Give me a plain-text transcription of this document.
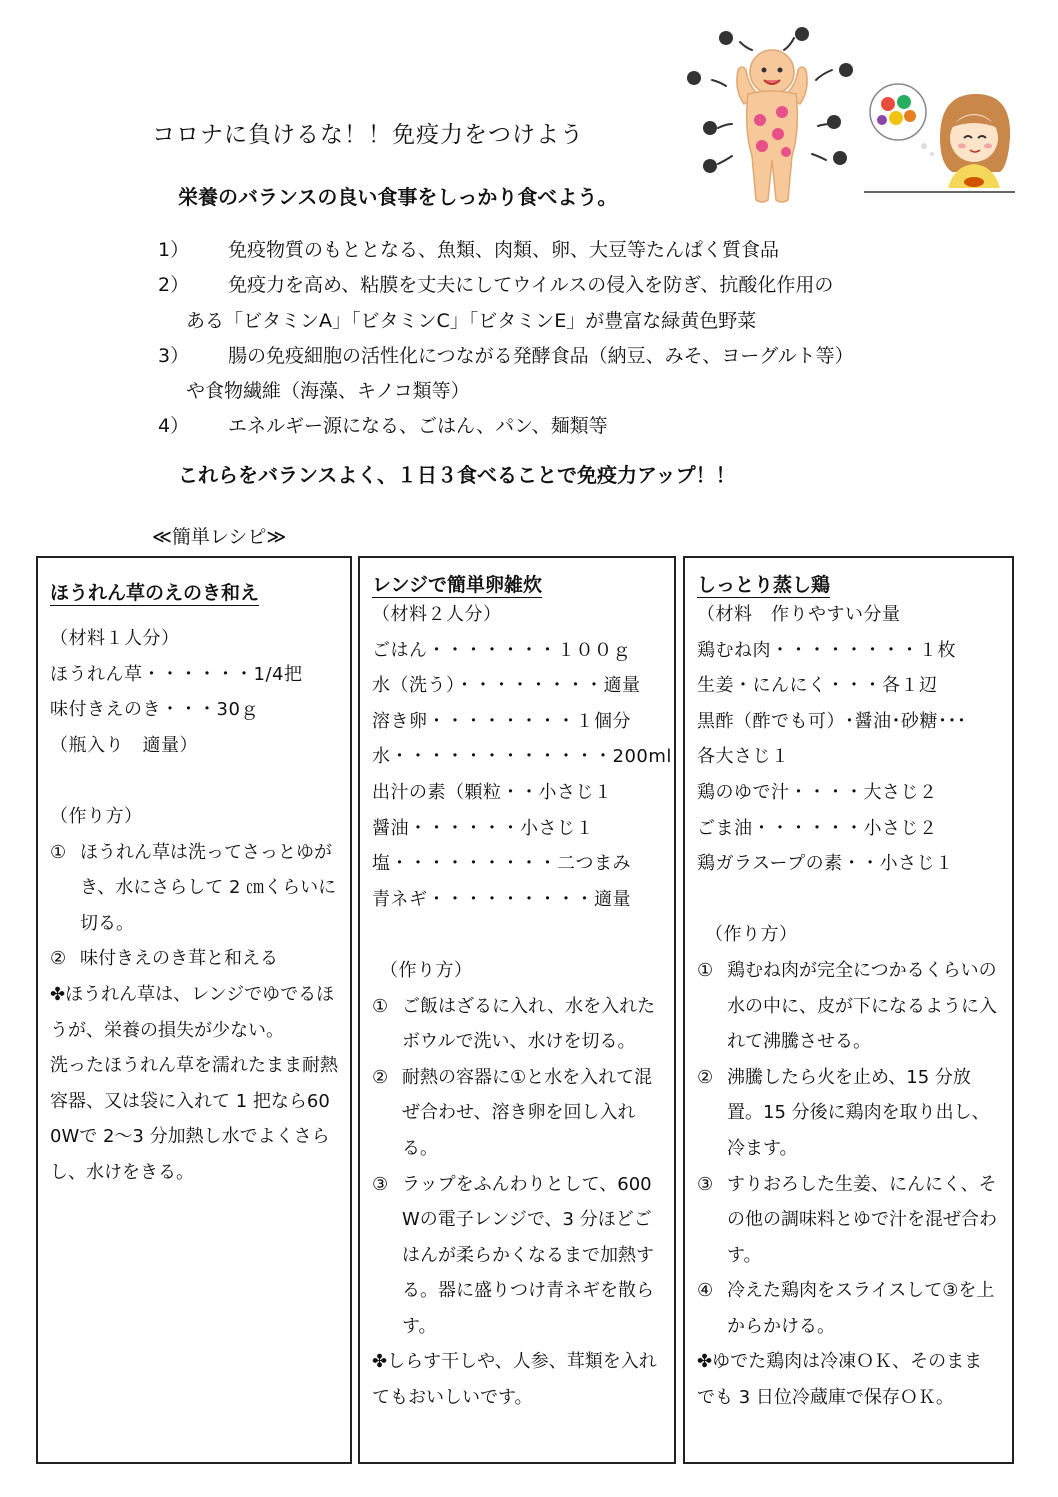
コロナに負けるな！！免疫力をつけよう
栄養のバランスの良い食事をしっかり食べよう。
1） 免疫物質のもととなる、魚類、肉類、卵、大豆等たんぱく質食品
2） 免疫力を高め、粘膜を丈夫にしてウイルスの侵入を防ぎ、抗酸化作用の
ある「ビタミンA」「ビタミンC」「ビタミンE」が豊富な緑黄色野菜
3） 腸の免疫細胞の活性化につながる発酵食品（納豆、みそ、ヨーグルト等）
や食物繊維（海藻、キノコ類等）
4） エネルギー源になる、ごはん、パン、麺類等
これらをバランスよく、１日３食べることで免疫力アップ！！
≪簡単レシピ≫
ほうれん草のえのき和え
（材料１人分）
ほうれん草・・・・・・1/4把
味付きえのき・・・30ｇ
（瓶入り　適量）

（作り方）
① ほうれん草は洗ってさっとゆがき、水にさらして 2 ㎝くらいに切る。
② 味付きえのき茸と和える
✤ほうれん草は、レンジでゆでるほうが、栄養の損失が少ない。
洗ったほうれん草を濡れたまま耐熱容器、又は袋に入れて 1 把なら600Wで 2〜3 分加熱し水でよくさらし、水けをきる。
レンジで簡単卵雑炊
（材料２人分）
ごはん・・・・・・・１００ｇ
水（洗う）・・・・・・・・適量
溶き卵・・・・・・・・１個分
水・・・・・・・・・・・・200ml
出汁の素（顆粒・・小さじ１
醤油・・・・・・小さじ１
塩・・・・・・・・・二つまみ
青ネギ・・・・・・・・・適量

（作り方）
① ご飯はざるに入れ、水を入れたボウルで洗い、水けを切る。
② 耐熱の容器に①と水を入れて混ぜ合わせ、溶き卵を回し入れる。
③ ラップをふんわりとして、600Wの電子レンジで、3 分ほどごはんが柔らかくなるまで加熱する。器に盛りつけ青ネギを散らす。
✤しらす干しや、人参、茸類を入れてもおいしいです。
しっとり蒸し鶏
（材料　作りやすい分量
鶏むね肉・・・・・・・・１枚
生姜・にんにく・・・各１辺
黒酢（酢でも可）･醤油･砂糖･･･
各大さじ１
鶏のゆで汁・・・・大さじ２
ごま油・・・・・・小さじ２
鶏ガラスープの素・・小さじ１

（作り方）
① 鶏むね肉が完全につかるくらいの水の中に、皮が下になるように入れて沸騰させる。
② 沸騰したら火を止め、15 分放置。15 分後に鶏肉を取り出し、冷ます。
③ すりおろした生姜、にんにく、その他の調味料とゆで汁を混ぜ合わす。
④ 冷えた鶏肉をスライスして③を上からかける。
✤ゆでた鶏肉は冷凍ＯＫ、そのままでも 3 日位冷蔵庫で保存ＯＫ。
